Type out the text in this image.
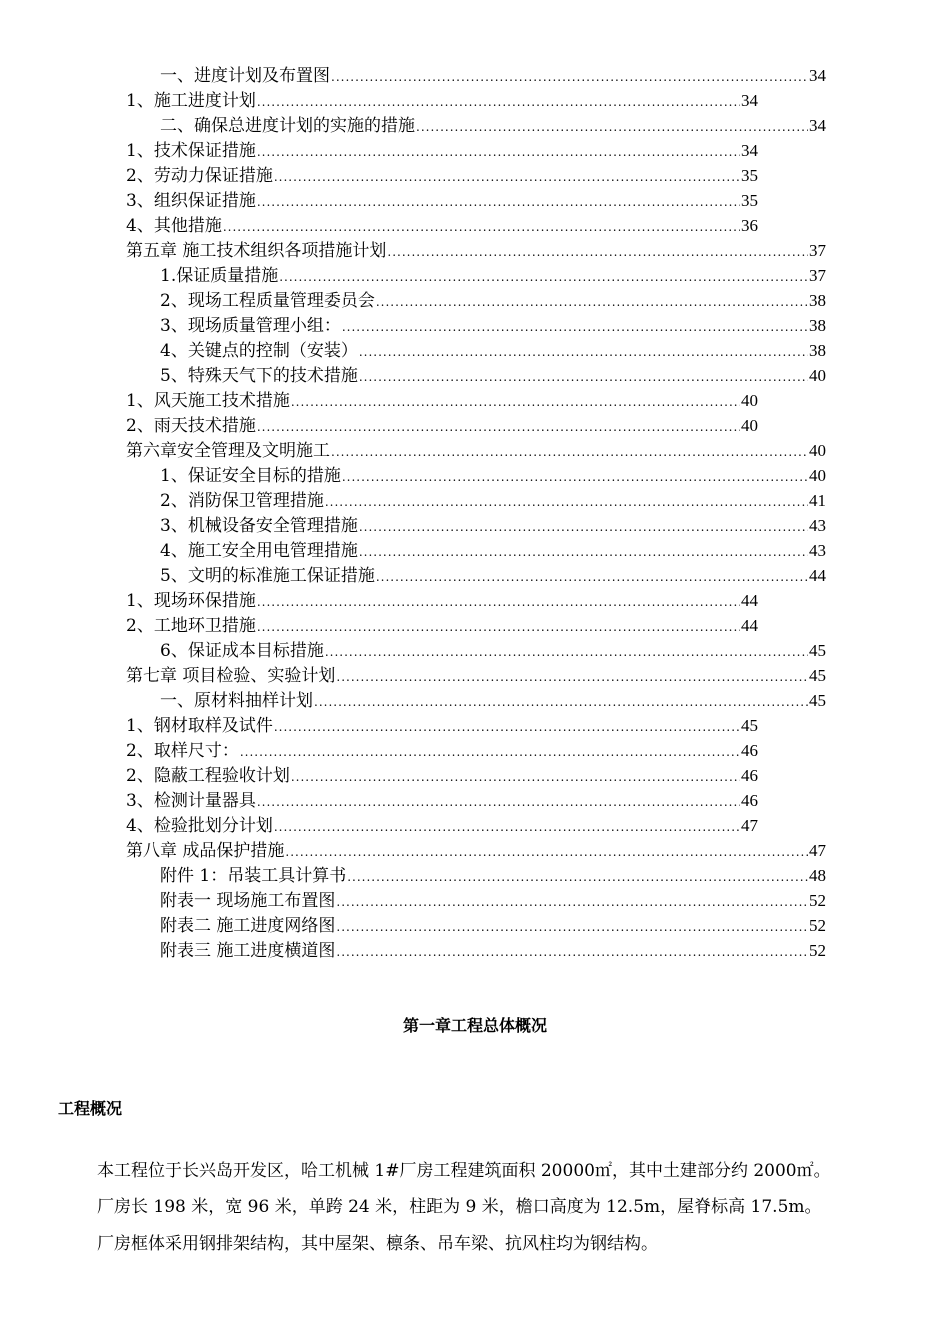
一、进度计划及布置图 .....	34
1、施工进度计划 .....	34
二、确保总进度计划的实施的措施 .....	34
1、技术保证措施 .....	34
2、劳动力保证措施 .....	35
3、组织保证措施 .....	35
4、其他措施 .....	36
第五章 施工技术组织各项措施计划 .....	37
1.保证质量措施 .....	37
2、现场工程质量管理委员会 .....	38
3、现场质量管理小组： .....	38
4、关键点的控制（安装） .....	38
5、特殊天气下的技术措施 .....	40
1、风天施工技术措施 .....	40
2、雨天技术措施 .....	40
第六章安全管理及文明施工 .....	40
1、保证安全目标的措施 .....	40
2、消防保卫管理措施 .....	41
3、机械设备安全管理措施 .....	43
4、施工安全用电管理措施 .....	43
5、文明的标准施工保证措施 .....	44
1、现场环保措施 .....	44
2、工地环卫措施 .....	44
6、保证成本目标措施 .....	45
第七章 项目检验、实验计划 .....	45
一、原材料抽样计划 .....	45
1、钢材取样及试件 .....	45
2、取样尺寸： .....	46
2、隐蔽工程验收计划 .....	46
3、检测计量器具 .....	46
4、检验批划分计划 .....	47
第八章 成品保护措施 .....	47
附件 1：吊装工具计算书 .....	48
附表一 现场施工布置图 .....	52
附表二 施工进度网络图 .....	52
附表三 施工进度横道图 .....	52
第一章工程总体概况
工程概况
本工程位于长兴岛开发区，哈工机械 1#厂房工程建筑面积 20000㎡，其中土建部分约 2000㎡。
厂房长 198 米，宽 96 米，单跨 24 米，柱距为 9 米，檐口高度为 12.5m，屋脊标高 17.5m。
厂房框体采用钢排架结构，其中屋架、檩条、吊车梁、抗风柱均为钢结构。
